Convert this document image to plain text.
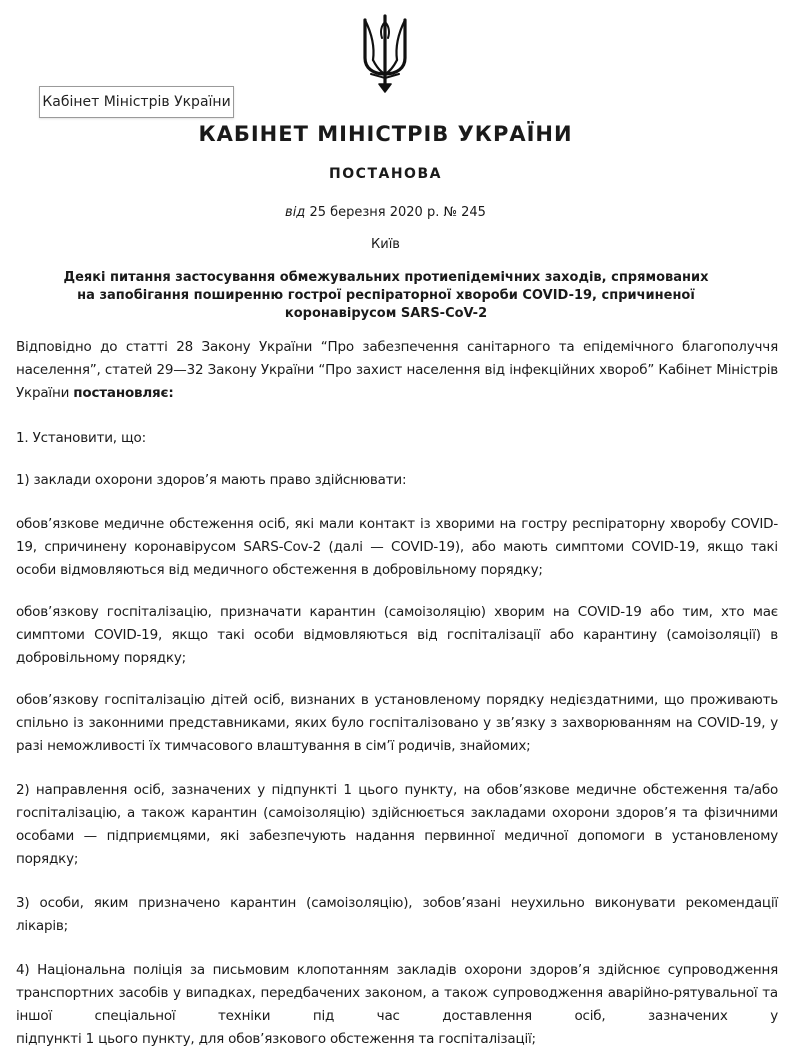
Кабінет Міністрів України
КАБІНЕТ МІНІСТРІВ УКРАЇНИ
ПОСТАНОВА
від 25 березня 2020 р. № 245
Київ
Деякі питання застосування обмежувальних протиепідемічних заходів, спрямованих на запобігання поширенню гострої респіраторної хвороби COVID-19, спричиненої коронавірусом SARS-CoV-2

Відповідно до статті 28 Закону України “Про забезпечення санітарного та епідемічного благополуччя населення”, статей 29—32 Закону України “Про захист населення від інфекційних хвороб” Кабінет Міністрів України постановляє:

1. Установити, що:

1) заклади охорони здоров’я мають право здійснювати:

обов’язкове медичне обстеження осіб, які мали контакт із хворими на гостру респіраторну хворобу COVID-19, спричинену коронавірусом SARS-Cov-2 (далі — COVID-19), або мають симптоми COVID-19, якщо такі особи відмовляються від медичного обстеження в добровільному порядку;

обов’язкову госпіталізацію, призначати карантин (самоізоляцію) хворим на COVID-19 або тим, хто має симптоми COVID-19, якщо такі особи відмовляються від госпіталізації або карантину (самоізоляції) в добровільному порядку;

обов’язкову госпіталізацію дітей осіб, визнаних в установленому порядку недієздатними, що проживають спільно із законними представниками, яких було госпіталізовано у зв’язку з захворюванням на COVID-19, у разі неможливості їх тимчасового влаштування в сім’ї родичів, знайомих;

2) направлення осіб, зазначених у підпункті 1 цього пункту, на обов’язкове медичне обстеження та/або госпіталізацію, а також карантин (самоізоляцію) здійснюється закладами охорони здоров’я та фізичними особами — підприємцями, які забезпечують надання первинної медичної допомоги в установленому порядку;

3) особи, яким призначено карантин (самоізоляцію), зобов’язані неухильно виконувати рекомендації лікарів;

4) Національна поліція за письмовим клопотанням закладів охорони здоров’я здійснює супроводження транспортних засобів у випадках, передбачених законом, а також супроводження аварійно-рятувальної та іншої спеціальної техніки під час доставлення осіб, зазначених у

підпункті 1 цього пункту, для обов’язкового обстеження та госпіталізації;
